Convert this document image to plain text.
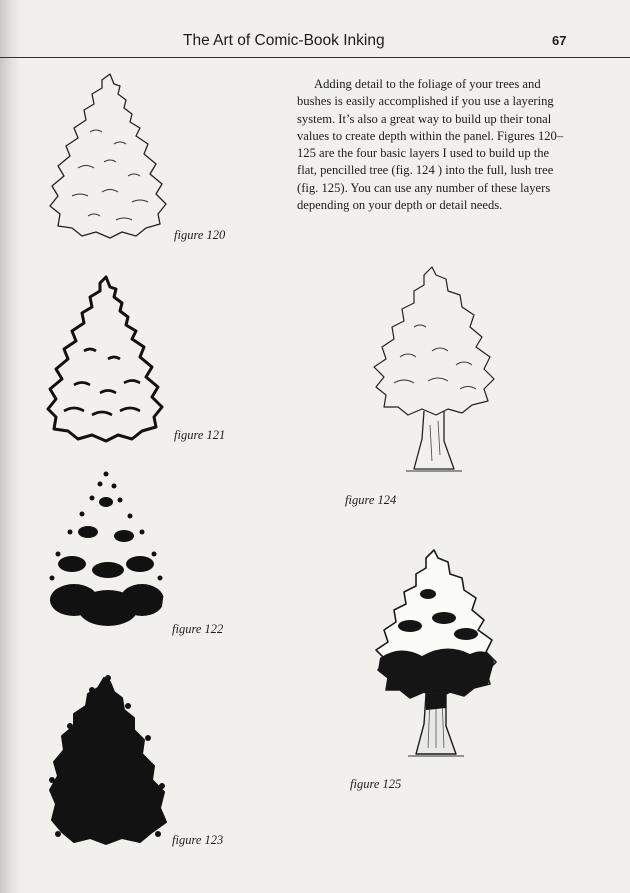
The Art of Comic-Book Inking	67

Adding detail to the foliage of your trees and bushes is easily accomplished if you use a layering system. It’s also a great way to build up their tonal values to create depth within the panel. Figures 120–125 are the four basic layers I used to build up the flat, pencilled tree (fig. 124 ) into the full, lush tree (fig. 125). You can use any number of these layers depending on your depth or detail needs.

figure 120
figure 121
figure 122
figure 123
figure 124
figure 125
